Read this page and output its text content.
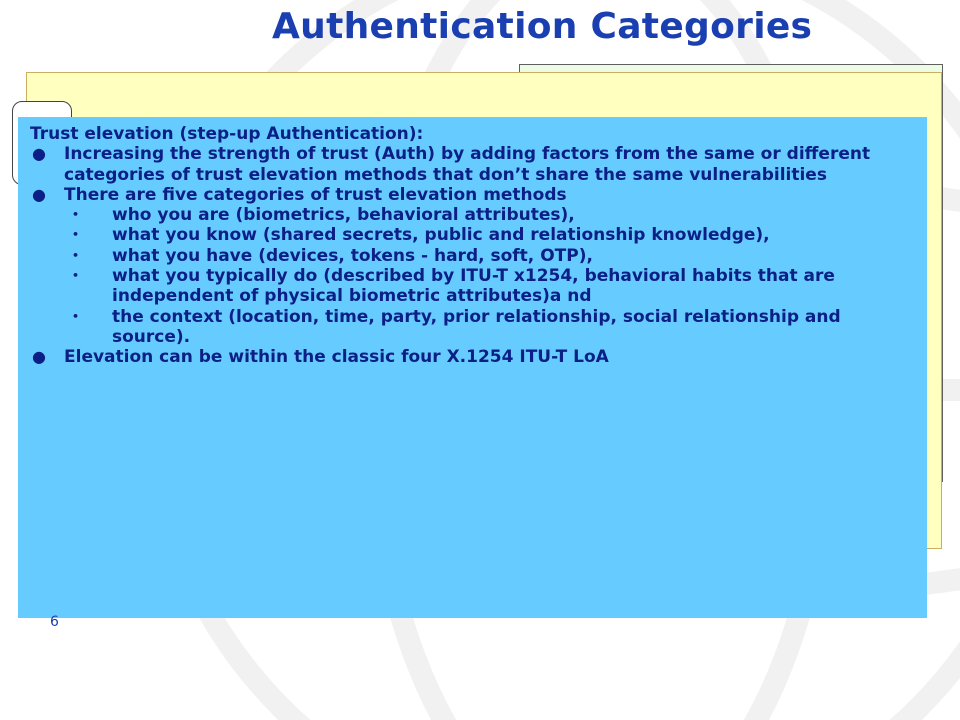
Authentication Categories
Trust elevation (step-up Authentication):
● Increasing the strength of trust (Auth) by adding factors from the same or different categories of trust elevation methods that don’t share the same vulnerabilities
● There are five categories of trust elevation methods
•	who you are (biometrics, behavioral attributes),
•	what you know (shared secrets, public and relationship knowledge),
•	what you have (devices, tokens - hard, soft, OTP),
•	what you typically do (described by ITU-T x1254, behavioral habits that are independent of physical biometric attributes)a nd
•	the context (location, time, party, prior relationship, social relationship and source).
● Elevation can be within the classic four X.1254 ITU-T LoA
6
